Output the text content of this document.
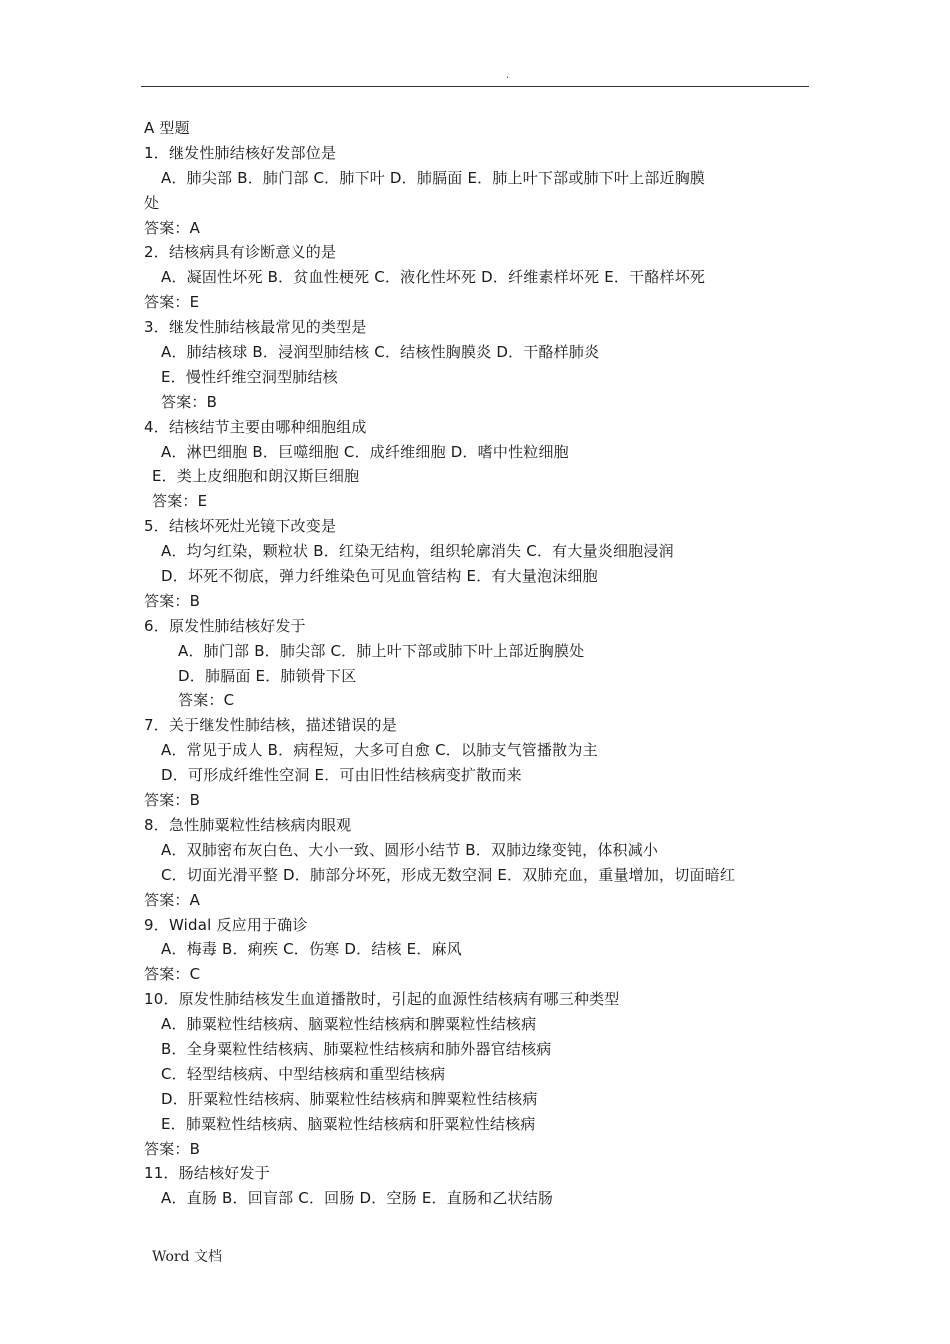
.
A 型题
1．继发性肺结核好发部位是
A．肺尖部 B．肺门部 C．肺下叶 D．肺膈面 E．肺上叶下部或肺下叶上部近胸膜
处
答案：A
2．结核病具有诊断意义的是
A．凝固性坏死 B．贫血性梗死 C．液化性坏死 D．纤维素样坏死 E．干酪样坏死
答案：E
3．继发性肺结核最常见的类型是
A．肺结核球 B．浸润型肺结核 C．结核性胸膜炎 D．干酪样肺炎
E．慢性纤维空洞型肺结核
答案：B
4．结核结节主要由哪种细胞组成
A．淋巴细胞 B．巨噬细胞 C．成纤维细胞 D．嗜中性粒细胞
E．类上皮细胞和朗汉斯巨细胞
答案：E
5．结核坏死灶光镜下改变是
A．均匀红染，颗粒状 B．红染无结构，组织轮廓消失 C．有大量炎细胞浸润
D．坏死不彻底，弹力纤维染色可见血管结构 E．有大量泡沫细胞
答案：B
6．原发性肺结核好发于
A．肺门部 B．肺尖部 C．肺上叶下部或肺下叶上部近胸膜处
D．肺膈面 E．肺锁骨下区
答案：C
7．关于继发性肺结核，描述错误的是
A．常见于成人 B．病程短，大多可自愈 C．以肺支气管播散为主
D．可形成纤维性空洞 E．可由旧性结核病变扩散而来
答案：B
8．急性肺粟粒性结核病肉眼观
A．双肺密布灰白色、大小一致、圆形小结节 B．双肺边缘变钝，体积减小
C．切面光滑平整 D．肺部分坏死，形成无数空洞 E．双肺充血，重量增加，切面暗红
答案：A
9．Widal 反应用于确诊
A．梅毒 B．痢疾 C．伤寒 D．结核 E．麻风
答案：C
10．原发性肺结核发生血道播散时，引起的血源性结核病有哪三种类型
A．肺粟粒性结核病、脑粟粒性结核病和脾粟粒性结核病
B．全身粟粒性结核病、肺粟粒性结核病和肺外器官结核病
C．轻型结核病、中型结核病和重型结核病
D．肝粟粒性结核病、肺粟粒性结核病和脾粟粒性结核病
E．肺粟粒性结核病、脑粟粒性结核病和肝粟粒性结核病
答案：B
11．肠结核好发于
A．直肠 B．回盲部 C．回肠 D．空肠 E．直肠和乙状结肠
Word 文档
